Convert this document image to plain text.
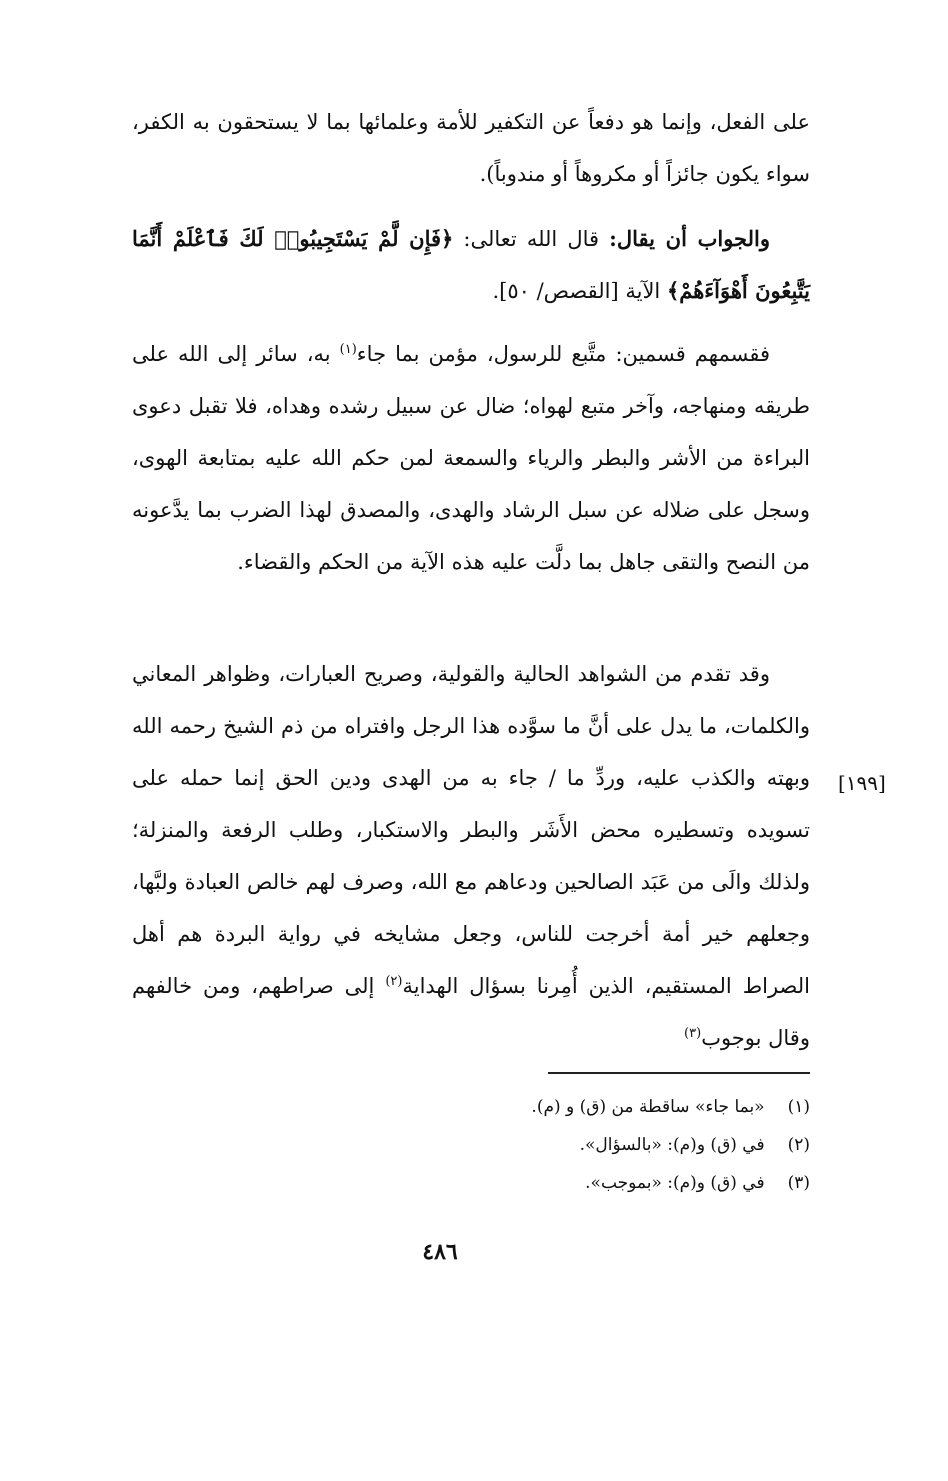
على الفعل، وإنما هو دفعاً عن التكفير للأمة وعلمائها بما لا يستحقون به الكفر، سواء يكون جائزاً أو مكروهاً أو مندوباً).

والجواب أن يقال: قال الله تعالى: ﴿فَإِن لَّمْ يَسْتَجِيبُوا۟ لَكَ فَٱعْلَمْ أَنَّمَا يَتَّبِعُونَ أَهْوَآءَهُمْ﴾ الآية [القصص/ ٥٠].

فقسمهم قسمين: متَّبع للرسول، مؤمن بما جاء$^{(١)}$ به، سائر إلى الله على طريقه ومنهاجه، وآخر متبع لهواه؛ ضال عن سبيل رشده وهداه، فلا تقبل دعوى البراءة من الأشر والبطر والرياء والسمعة لمن حكم الله عليه بمتابعة الهوى، وسجل على ضلاله عن سبل الرشاد والهدى، والمصدق لهذا الضرب بما يدَّعونه من النصح والتقى جاهل بما دلَّت عليه هذه الآية من الحكم والقضاء.

وقد تقدم من الشواهد الحالية والقولية، وصريح العبارات، وظواهر المعاني والكلمات، ما يدل على أنَّ ما سوَّده هذا الرجل وافتراه من ذم الشيخ رحمه الله وبهته والكذب عليه، وردِّ ما / جاء به من الهدى ودين الحق إنما حمله على تسويده وتسطيره محض الأَشَر والبطر والاستكبار، وطلب الرفعة والمنزلة؛ ولذلك والَى من عَبَد الصالحين ودعاهم مع الله، وصرف لهم خالص العبادة ولبَّها، وجعلهم خير أمة أخرجت للناس، وجعل مشايخه في رواية البردة هم أهل الصراط المستقيم، الذين أُمِرنا بسؤال الهداية$^{(٢)}$ إلى صراطهم، ومن خالفهم وقال بوجوب$^{(٣)}$

[١٩٩]

(١) «بما جاء» ساقطة من (ق) و (م).

(٢) في (ق) و(م): «بالسؤال».

(٣) في (ق) و(م): «بموجب».

٤٨٦
